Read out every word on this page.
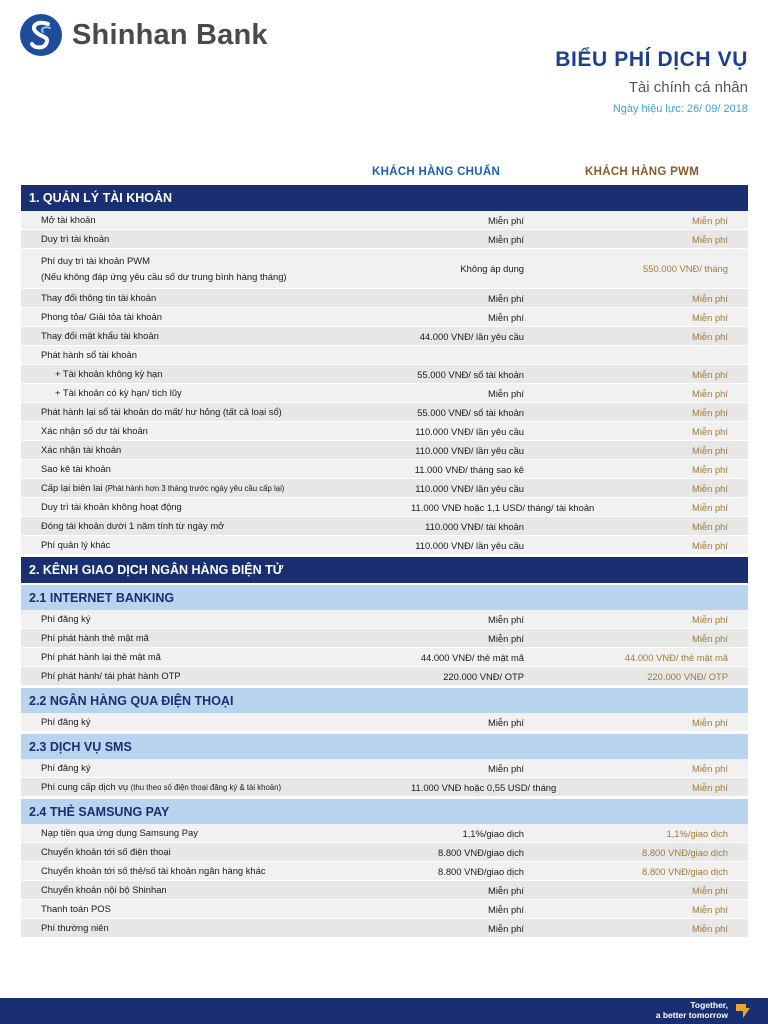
Shinhan Bank
BIỂU PHÍ DỊCH VỤ
Tài chính cá nhân
Ngày hiệu lực: 26/ 09/ 2018
KHÁCH HÀNG CHUẨN	KHÁCH HÀNG PWM
1. QUẢN LÝ TÀI KHOẢN
Mở tài khoản	Miễn phí	Miễn phí
Duy trì tài khoản	Miễn phí	Miễn phí
Phí duy trì tài khoản PWM
(Nếu không đáp ứng yêu cầu số dư trung bình hàng tháng)
Không áp dụng	550.000 VNĐ/ tháng
Thay đổi thông tin tài khoản	Miễn phí	Miễn phí
Phong tỏa/ Giải tỏa tài khoản	Miễn phí	Miễn phí
Thay đổi mật khẩu tài khoản	44.000 VNĐ/ lần yêu cầu	Miễn phí
Phát hành sổ tài khoản
+ Tài khoản không kỳ hạn	55.000 VNĐ/ sổ tài khoản	Miễn phí
+ Tài khoản có kỳ hạn/ tích lũy	Miễn phí	Miễn phí
Phát hành lại sổ tài khoản do mất/ hư hỏng (tất cả loại sổ)	55.000 VNĐ/ sổ tài khoản	Miễn phí
Xác nhận số dư tài khoản	110.000 VNĐ/ lần yêu cầu	Miễn phí
Xác nhận tài khoản	110.000 VNĐ/ lần yêu cầu	Miễn phí
Sao kê tài khoản	11.000 VNĐ/ tháng sao kê	Miễn phí
Cấp lại biên lai (Phát hành hơn 3 tháng trước ngày yêu cầu cấp lại)	110.000 VNĐ/ lần yêu cầu	Miễn phí
Duy trì tài khoản không hoạt động	11.000 VNĐ hoặc 1,1 USD/ tháng/ tài khoản	Miễn phí
Đóng tài khoản dưới 1 năm tính từ ngày mở	110.000 VNĐ/ tài khoản	Miễn phí
Phí quản lý khác	110.000 VNĐ/ lần yêu cầu	Miễn phí
2. KÊNH GIAO DỊCH NGÂN HÀNG ĐIỆN TỬ
2.1 INTERNET BANKING
Phí đăng ký	Miễn phí	Miễn phí
Phí phát hành thẻ mật mã	Miễn phí	Miễn phí
Phí phát hành lại thẻ mật mã	44.000 VNĐ/ thẻ mật mã	44.000 VNĐ/ thẻ mật mã
Phí phát hành/ tái phát hành OTP	220.000 VNĐ/ OTP	220.000 VNĐ/ OTP
2.2 NGÂN HÀNG QUA ĐIỆN THOẠI
Phí đăng ký	Miễn phí	Miễn phí
2.3 DỊCH VỤ SMS
Phí đăng ký	Miễn phí	Miễn phí
Phí cung cấp dịch vụ (thu theo số điện thoại đăng ký & tài khoản)	11.000 VNĐ hoặc 0,55 USD/ tháng	Miễn phí
2.4 THẺ SAMSUNG PAY
Nạp tiền qua ứng dụng Samsung Pay	1,1%/giao dịch	1,1%/giao dịch
Chuyển khoản tới số điện thoại	8.800 VNĐ/giao dịch	8.800 VNĐ/giao dịch
Chuyển khoản tới số thẻ/số tài khoản ngân hàng khác	8.800 VNĐ/giao dịch	8.800 VNĐ/giao dịch
Chuyển khoản nội bộ Shinhan	Miễn phí	Miễn phí
Thanh toán POS	Miễn phí	Miễn phí
Phí thường niên	Miễn phí	Miễn phí
Together,
a better tomorrow
